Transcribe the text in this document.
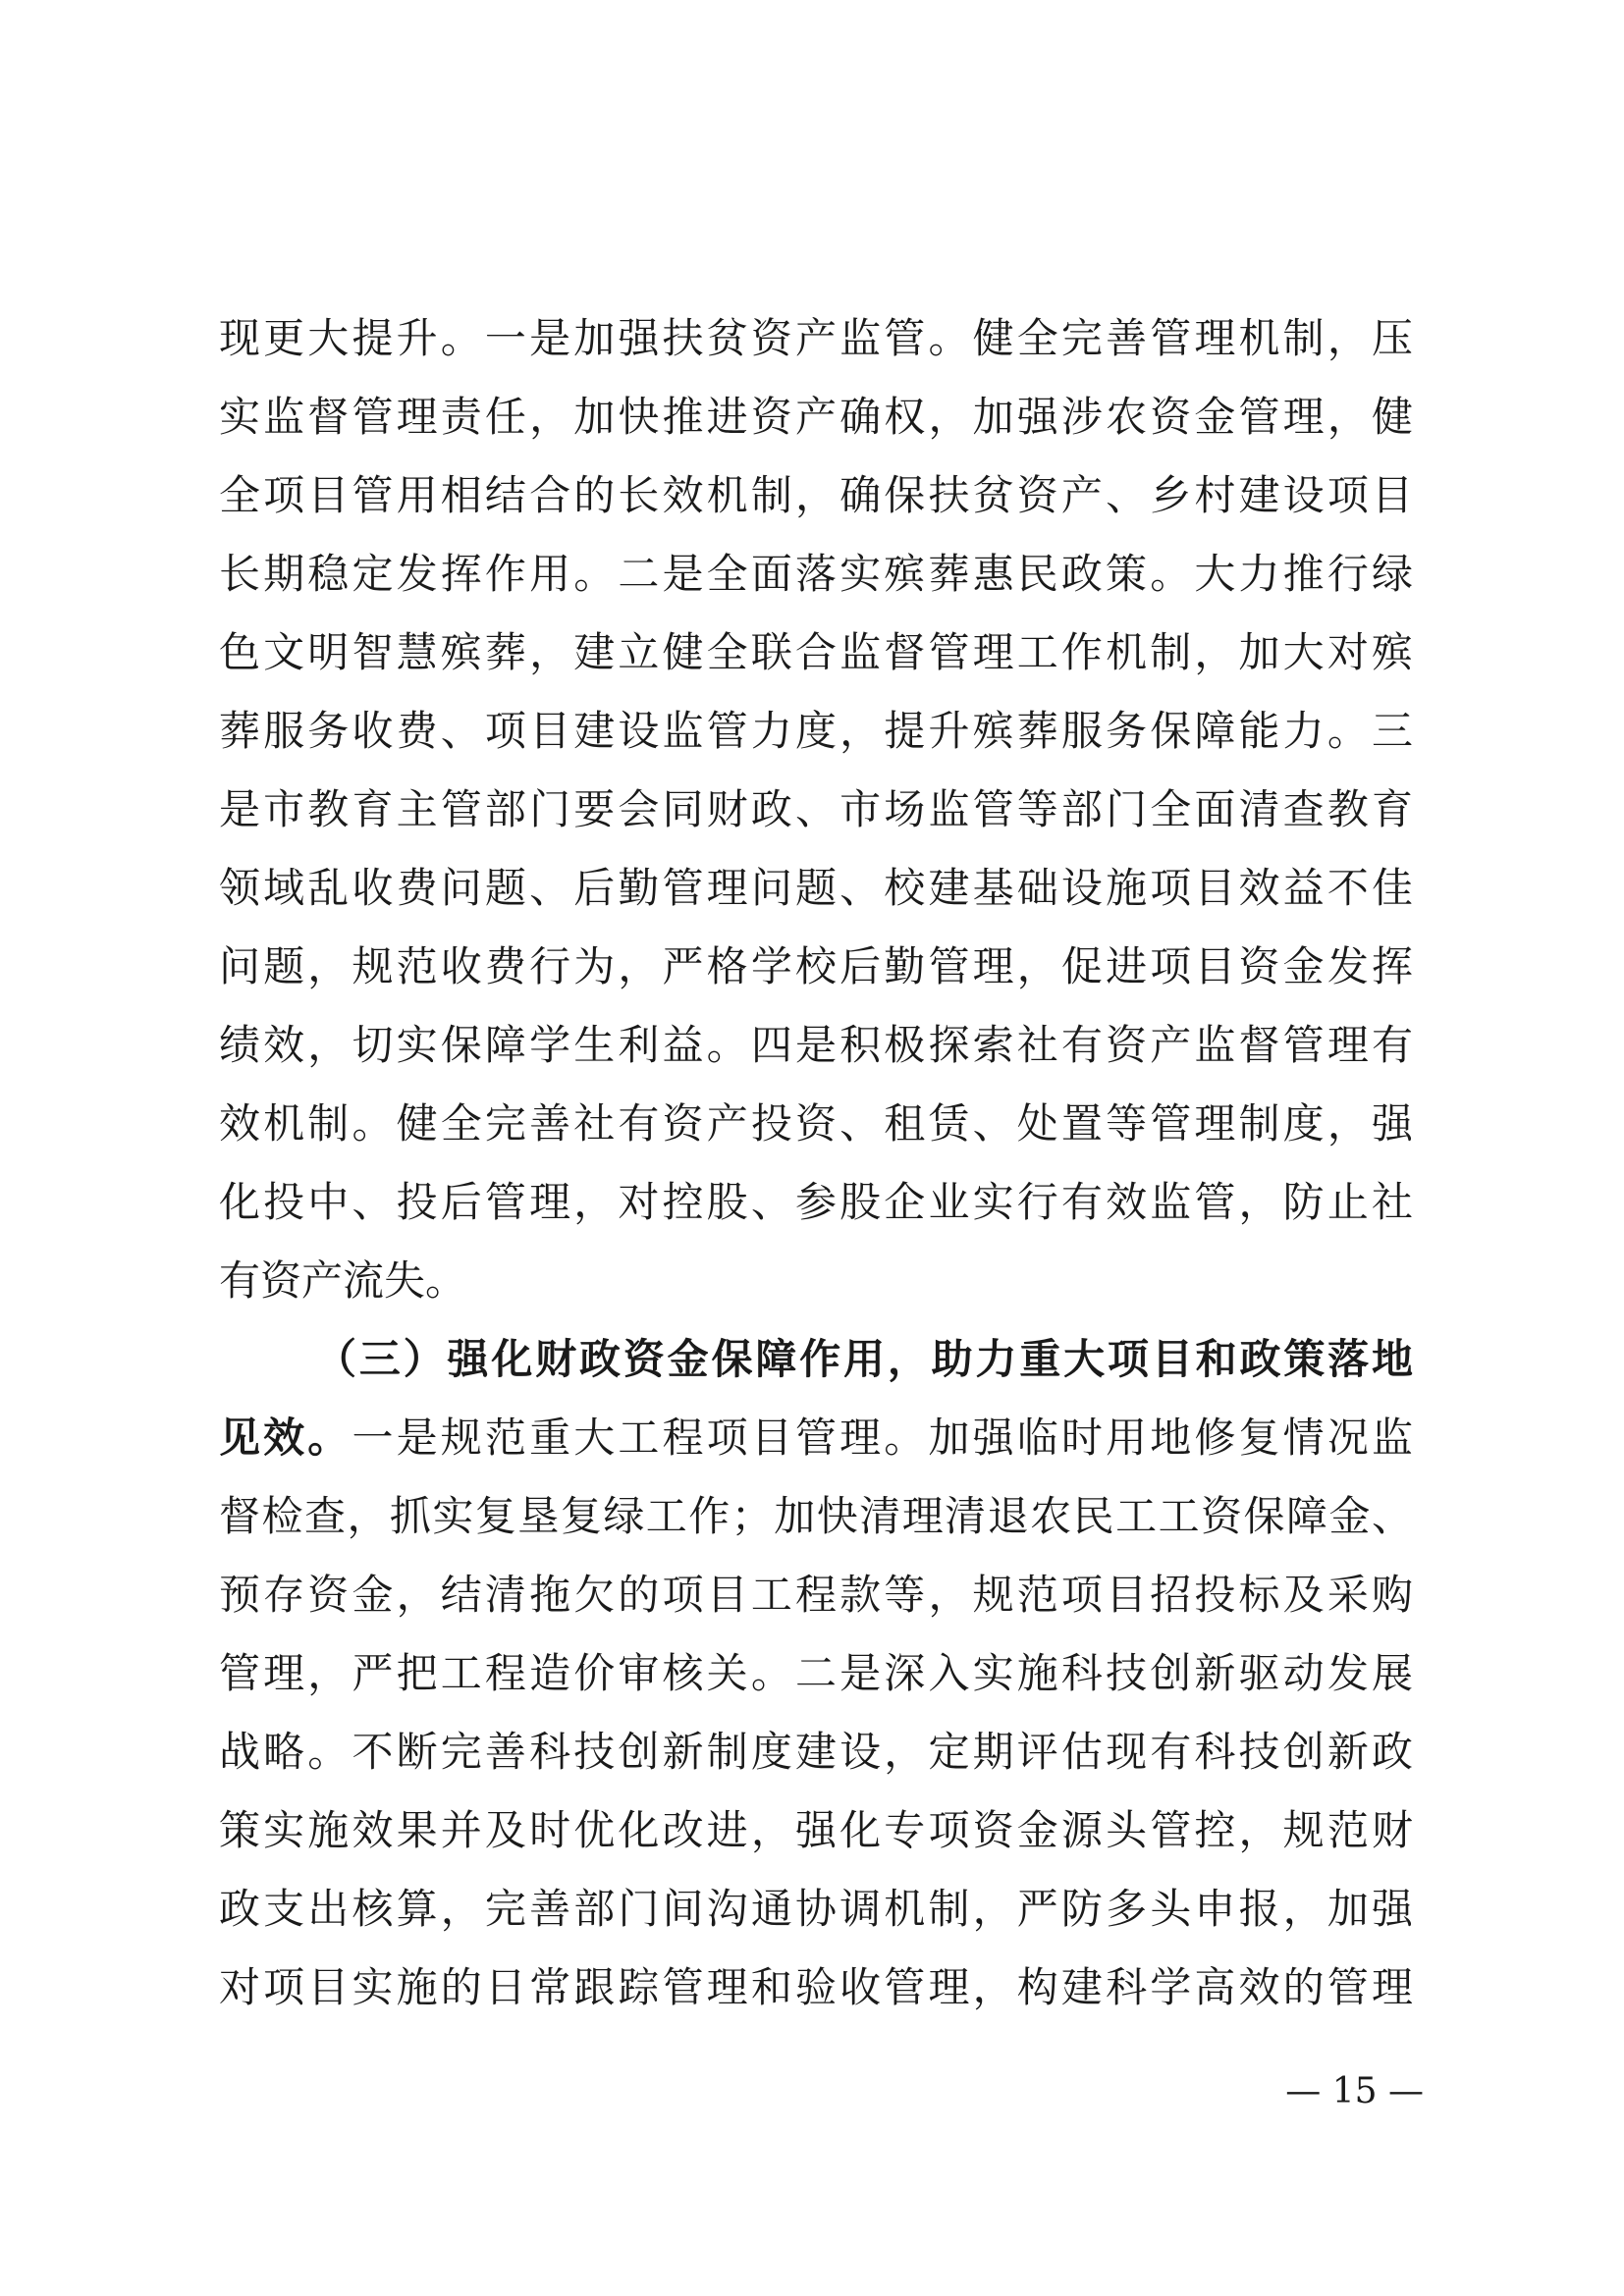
现更大提升。一是加强扶贫资产监管。健全完善管理机制，压
实监督管理责任，加快推进资产确权，加强涉农资金管理，健
全项目管用相结合的长效机制，确保扶贫资产、乡村建设项目
长期稳定发挥作用。二是全面落实殡葬惠民政策。大力推行绿
色文明智慧殡葬，建立健全联合监督管理工作机制，加大对殡
葬服务收费、项目建设监管力度，提升殡葬服务保障能力。三
是市教育主管部门要会同财政、市场监管等部门全面清查教育
领域乱收费问题、后勤管理问题、校建基础设施项目效益不佳
问题，规范收费行为，严格学校后勤管理，促进项目资金发挥
绩效，切实保障学生利益。四是积极探索社有资产监督管理有
效机制。健全完善社有资产投资、租赁、处置等管理制度，强
化投中、投后管理，对控股、参股企业实行有效监管，防止社
有资产流失。
（三）强化财政资金保障作用，助力重大项目和政策落地
见效。一是规范重大工程项目管理。加强临时用地修复情况监
督检查，抓实复垦复绿工作；加快清理清退农民工工资保障金、
预存资金，结清拖欠的项目工程款等，规范项目招投标及采购
管理，严把工程造价审核关。二是深入实施科技创新驱动发展
战略。不断完善科技创新制度建设，定期评估现有科技创新政
策实施效果并及时优化改进，强化专项资金源头管控，规范财
政支出核算，完善部门间沟通协调机制，严防多头申报，加强
对项目实施的日常跟踪管理和验收管理，构建科学高效的管理
— 15 —
